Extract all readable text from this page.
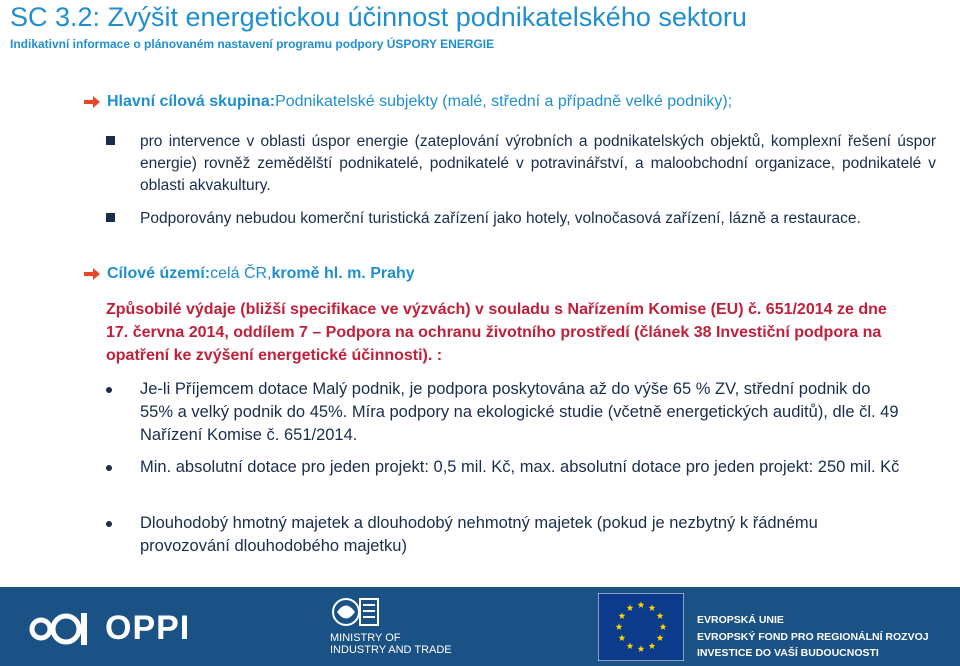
SC 3.2: Zvýšit energetickou účinnost podnikatelského sektoru
Indikativní informace o plánovaném nastavení programu podpory ÚSPORY ENERGIE
Hlavní cílová skupina: Podnikatelské subjekty (malé, střední a případně velké podniky);
pro intervence v oblasti úspor energie (zateplování výrobních a podnikatelských objektů, komplexní řešení úspor energie) rovněž zemědělští podnikatelé, podnikatelé v potravinářství, a maloobchodní organizace, podnikatelé v oblasti akvakultury.
Podporovány nebudou komerční turistická zařízení jako hotely, volnočasová zařízení, lázně a restaurace.
Cílové území: celá ČR, kromě hl. m. Prahy
Způsobilé výdaje (bližší specifikace ve výzvách) v souladu s Nařízením Komise (EU) č. 651/2014 ze dne 17. června 2014, oddílem 7 – Podpora na ochranu životního prostředí (článek 38 Investiční podpora na opatření ke zvýšení energetické účinnosti). :
Je-li Příjemcem dotace Malý podnik, je podpora poskytována až do výše 65 % ZV, střední podnik do 55% a velký podnik do 45%. Míra podpory na ekologické studie (včetně energetických auditů), dle čl. 49 Nařízení Komise č. 651/2014.
Min. absolutní dotace pro jeden projekt: 0,5 mil. Kč, max. absolutní dotace pro jeden projekt: 250 mil. Kč
Dlouhodobý hmotný majetek a dlouhodobý nehmotný majetek (pokud je nezbytný k řádnému provozování dlouhodobého majetku)
OPPI	MINISTRY OF
INDUSTRY AND TRADE
EVROPSKÁ UNIE
EVROPSKÝ FOND PRO REGIONÁLNÍ ROZVOJ
INVESTICE DO VAŠÍ BUDOUCNOSTI
